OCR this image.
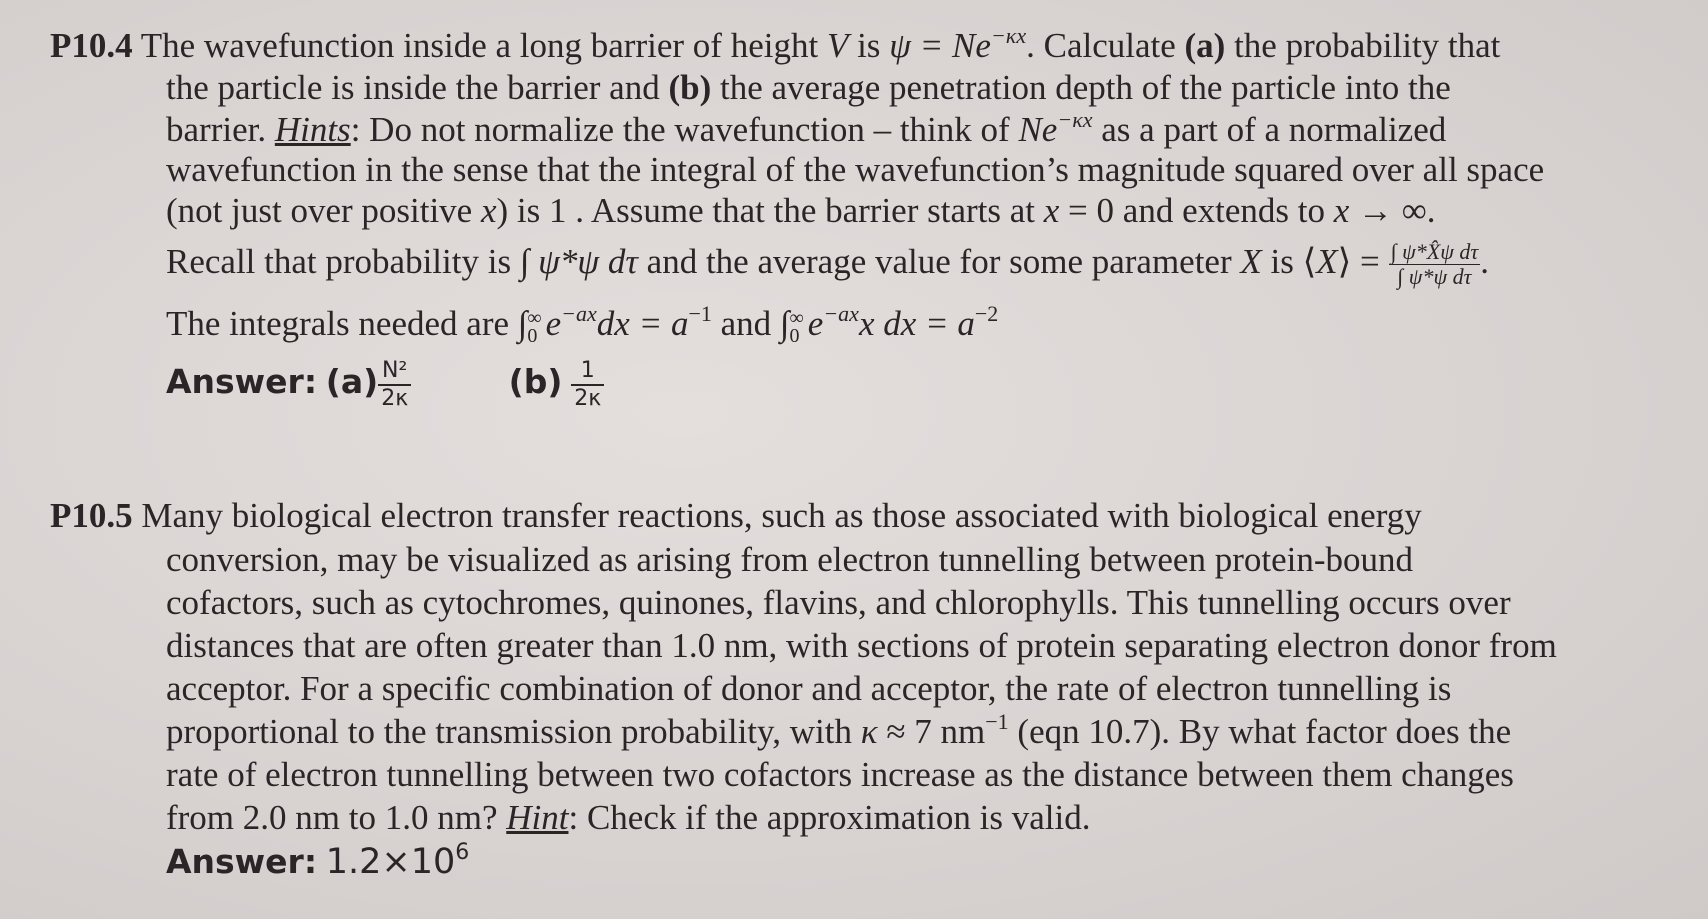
P10.4 The wavefunction inside a long barrier of height V is $\psi = Ne^{-\kappa x}$. Calculate (a) the probability that
the particle is inside the barrier and (b) the average penetration depth of the particle into the
barrier. Hints: Do not normalize the wavefunction – think of $Ne^{-\kappa x}$ as a part of a normalized
wavefunction in the sense that the integral of the wavefunction’s magnitude squared over all space
(not just over positive x) is 1 . Assume that the barrier starts at x = 0 and extends to x → ∞.
Recall that probability is ∫ ψ*ψ dτ and the average value for some parameter X is ⟨X⟩ = $\frac{\text{∫ ψ*X̂ψ dτ}}{\text{∫ ψ*ψ dτ}}$ .
The integrals needed are ∫ ∞
0 $e^{-ax}dx = a^{-1}$ and ∫ ∞
0 $e^{-ax}x$ dx = $a^{-2}$
Answer: $(a) \frac{\text{N²}}{2\kappa}$	$(b) \frac{1}{2\kappa}$
P10.5 Many biological electron transfer reactions, such as those associated with biological energy
conversion, may be visualized as arising from electron tunnelling between protein-bound
cofactors, such as cytochromes, quinones, flavins, and chlorophylls. This tunnelling occurs over
distances that are often greater than 1.0 nm, with sections of protein separating electron donor from
acceptor. For a specific combination of donor and acceptor, the rate of electron tunnelling is
proportional to the transmission probability, with κ ≈ 7 $nm^{-1}$ (eqn 10.7). By what factor does the
rate of electron tunnelling between two cofactors increase as the distance between them changes
from 2.0 nm to 1.0 nm? Hint: Check if the approximation is valid.
Answer: $1.2\times 10^6$
